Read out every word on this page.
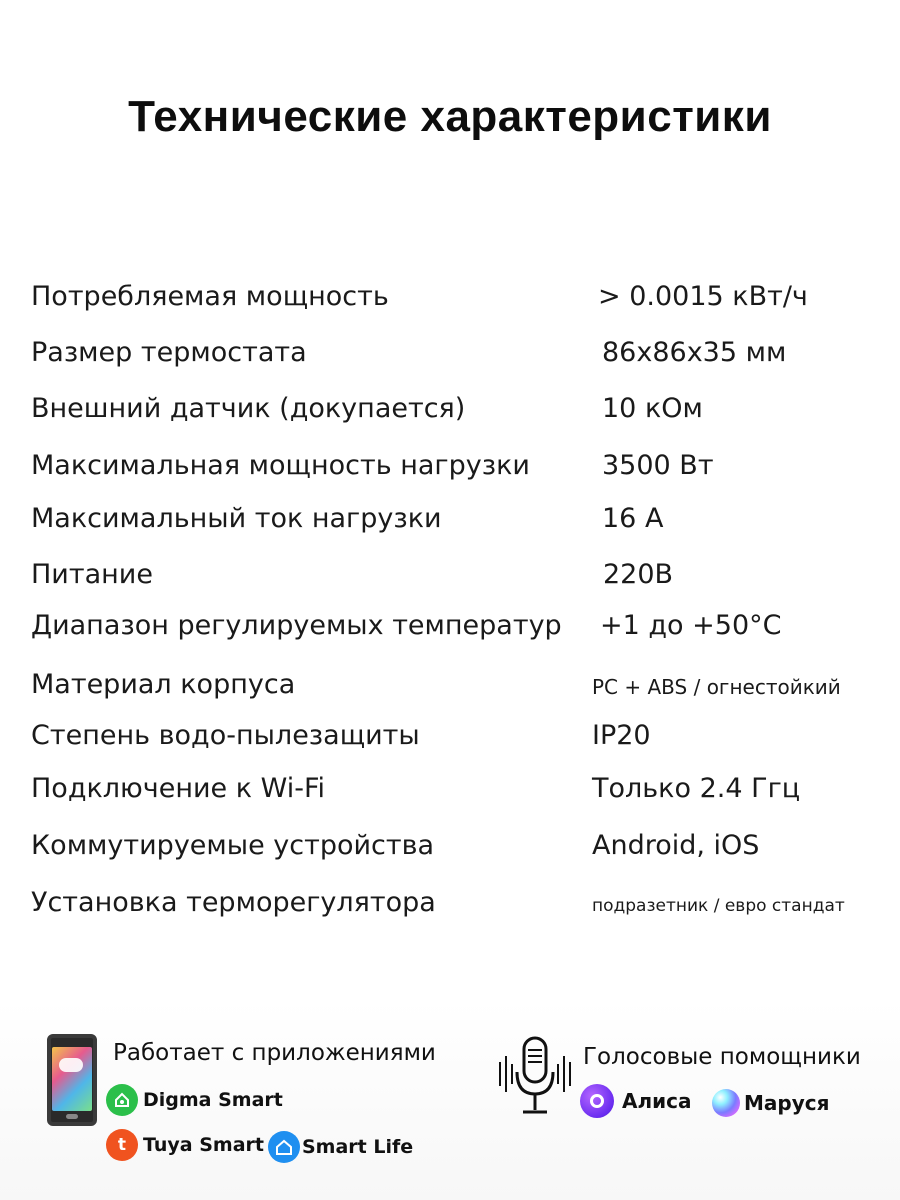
Технические характеристики
Потребляемая мощность	> 0.0015 кВт/ч
Размер термостата	86x86x35 мм
Внешний датчик (докупается)	10 кОм
Максимальная мощность нагрузки	3500 Вт
Максимальный ток нагрузки	16 А
Питание	220В
Диапазон регулируемых температур +1 до +50°С
Материал корпуса	PC + ABS / огнестойкий
Степень водо-пылезащиты	IP20
Подключение к Wi-Fi	Только 2.4 Ггц
Коммутируемые устройства	Android, iOS
Установка терморегулятора	подразетник / евро стандат
Работает с приложениями
Digma Smart
t Tuya Smart Smart Life
Голосовые помощники
Алиса	Маруся
